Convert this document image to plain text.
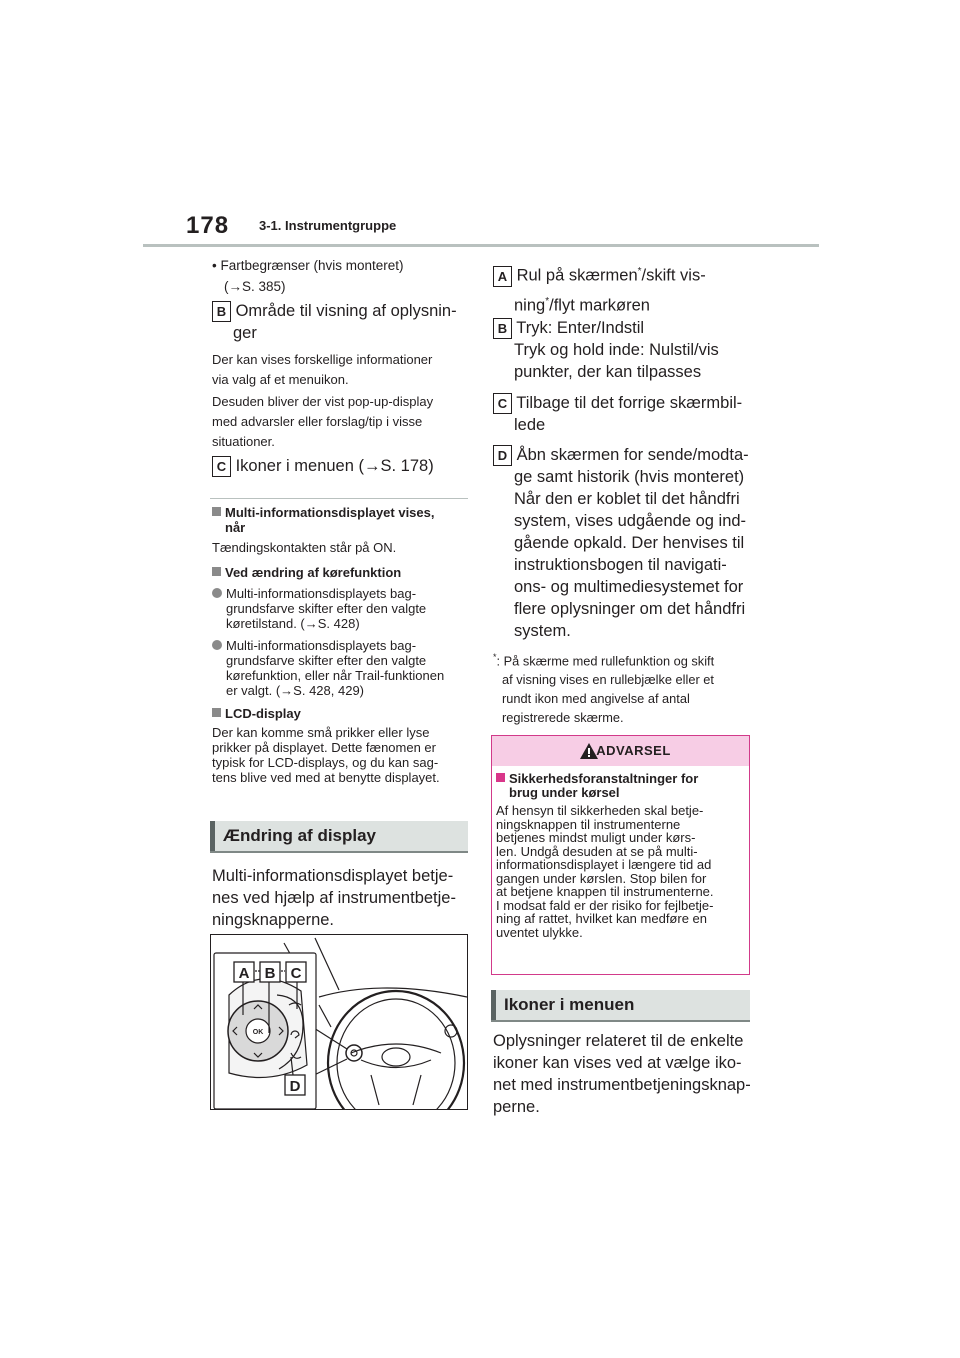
178 3-1. Instrumentgruppe
• Fartbegrænser (hvis monteret)
(→S. 385)
B Område til visning af oplysnin-
ger
Der kan vises forskellige informationer
via valg af et menuikon.
Desuden bliver der vist pop-up-display
med advarsler eller forslag/tip i visse
situationer.
C Ikoner i menuen (→S. 178)
Multi-informationsdisplayet vises,
når
Tændingskontakten står på ON.
Ved ændring af kørefunktion
Multi-informationsdisplayets bag-
grundsfarve skifter efter den valgte
køretilstand. (→S. 428)
Multi-informationsdisplayets bag-
grundsfarve skifter efter den valgte
kørefunktion, eller når Trail-funktionen
er valgt. (→S. 428, 429)
LCD-display
Der kan komme små prikker eller lyse
prikker på displayet. Dette fænomen er
typisk for LCD-displays, og du kan sag-
tens blive ved med at benytte displayet.
Ændring af display
Multi-informationsdisplayet betje-
nes ved hjælp af instrumentbetje-
ningsknapperne.
OK
A B C
D
A Rul på skærmen*/skift vis-
ning*/flyt markøren
B Tryk: Enter/Indstil
Tryk og hold inde: Nulstil/vis
punkter, der kan tilpasses
C Tilbage til det forrige skærmbil-
lede
D Åbn skærmen for sende/modta-
ge samt historik (hvis monteret)
Når den er koblet til det håndfri
system, vises udgående og ind-
gående opkald. Der henvises til
instruktionsbogen til navigati-
ons- og multimediesystemet for
flere oplysninger om det håndfri
system.
*: På skærme med rullefunktion og skift
af visning vises en rullebjælke eller et
rundt ikon med angivelse af antal
registrerede skærme.
ADVARSEL
Sikkerhedsforanstaltninger for
brug under kørsel
Af hensyn til sikkerheden skal betje-
ningsknappen til instrumenterne
betjenes mindst muligt under kørs-
len. Undgå desuden at se på multi-
informationsdisplayet i længere tid ad
gangen under kørslen. Stop bilen for
at betjene knappen til instrumenterne.
I modsat fald er der risiko for fejlbetje-
ning af rattet, hvilket kan medføre en
uventet ulykke.
Ikoner i menuen
Oplysninger relateret til de enkelte
ikoner kan vises ved at vælge iko-
net med instrumentbetjeningsknap-
perne.
